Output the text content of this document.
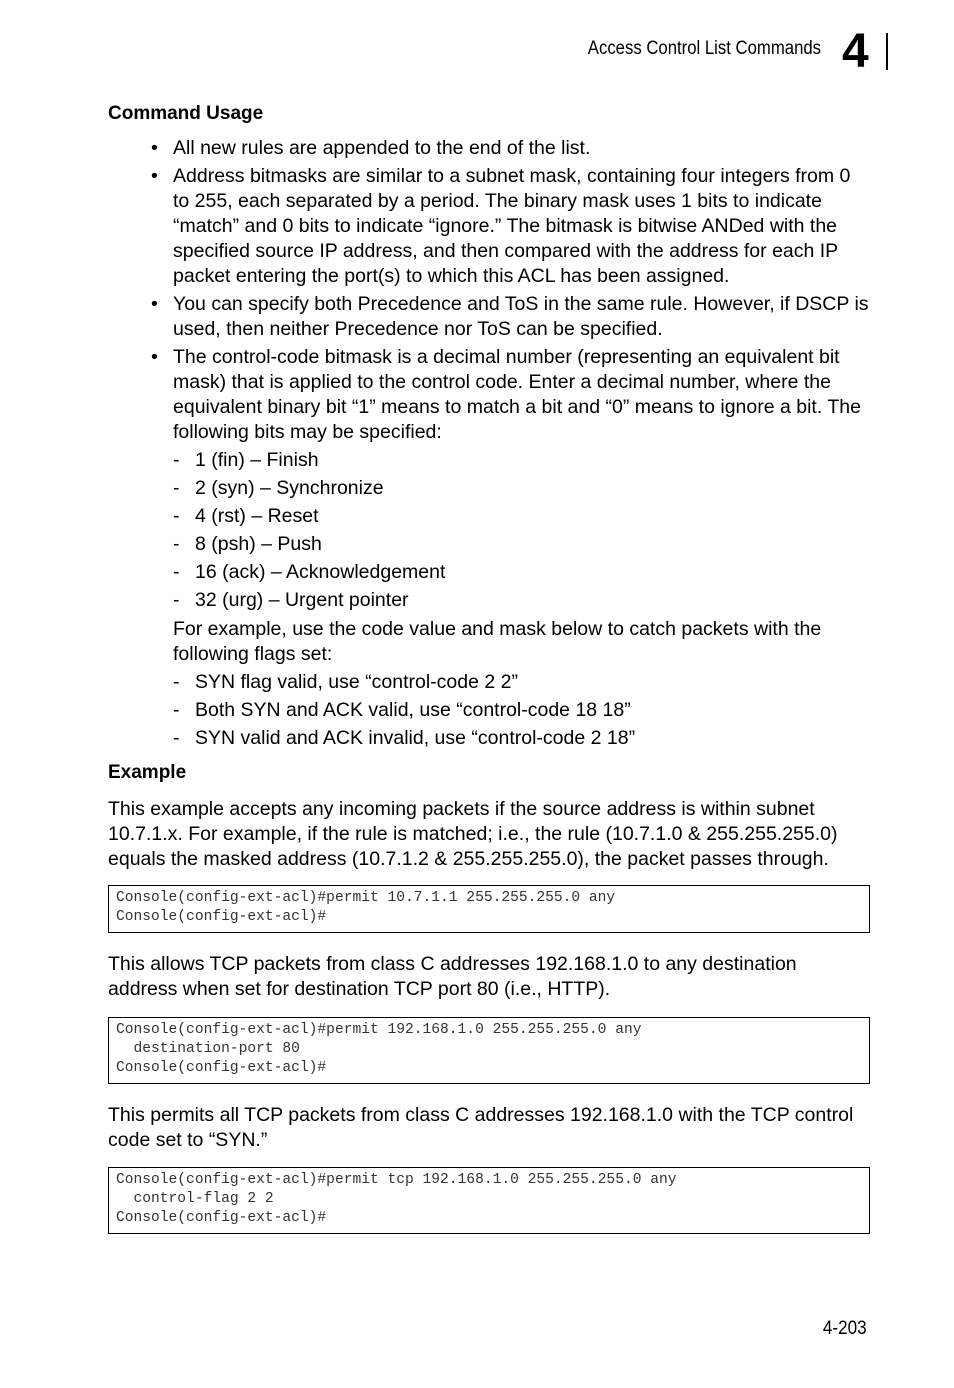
Access Control List Commands 4
Command Usage
• All new rules are appended to the end of the list.
• Address bitmasks are similar to a subnet mask, containing four integers from 0 to 255, each separated by a period. The binary mask uses 1 bits to indicate “match” and 0 bits to indicate “ignore.” The bitmask is bitwise ANDed with the specified source IP address, and then compared with the address for each IP packet entering the port(s) to which this ACL has been assigned.
• You can specify both Precedence and ToS in the same rule. However, if DSCP is used, then neither Precedence nor ToS can be specified.
• The control-code bitmask is a decimal number (representing an equivalent bit mask) that is applied to the control code. Enter a decimal number, where the equivalent binary bit “1” means to match a bit and “0” means to ignore a bit. The following bits may be specified:
- 1 (fin) – Finish
- 2 (syn) – Synchronize
- 4 (rst) – Reset
- 8 (psh) – Push
- 16 (ack) – Acknowledgement
- 32 (urg) – Urgent pointer

For example, use the code value and mask below to catch packets with the following flags set:

- SYN flag valid, use “control-code 2 2”
- Both SYN and ACK valid, use “control-code 18 18”
- SYN valid and ACK invalid, use “control-code 2 18”
Example

This example accepts any incoming packets if the source address is within subnet 10.7.1.x. For example, if the rule is matched; i.e., the rule (10.7.1.0 & 255.255.255.0) equals the masked address (10.7.1.2 & 255.255.255.0), the packet passes through.

Console(config-ext-acl)#permit 10.7.1.1 255.255.255.0 any
Console(config-ext-acl)#

This allows TCP packets from class C addresses 192.168.1.0 to any destination address when set for destination TCP port 80 (i.e., HTTP).

Console(config-ext-acl)#permit 192.168.1.0 255.255.255.0 any
destination-port 80
Console(config-ext-acl)#

This permits all TCP packets from class C addresses 192.168.1.0 with the TCP control code set to “SYN.”

Console(config-ext-acl)#permit tcp 192.168.1.0 255.255.255.0 any
control-flag 2 2
Console(config-ext-acl)#
4-203
